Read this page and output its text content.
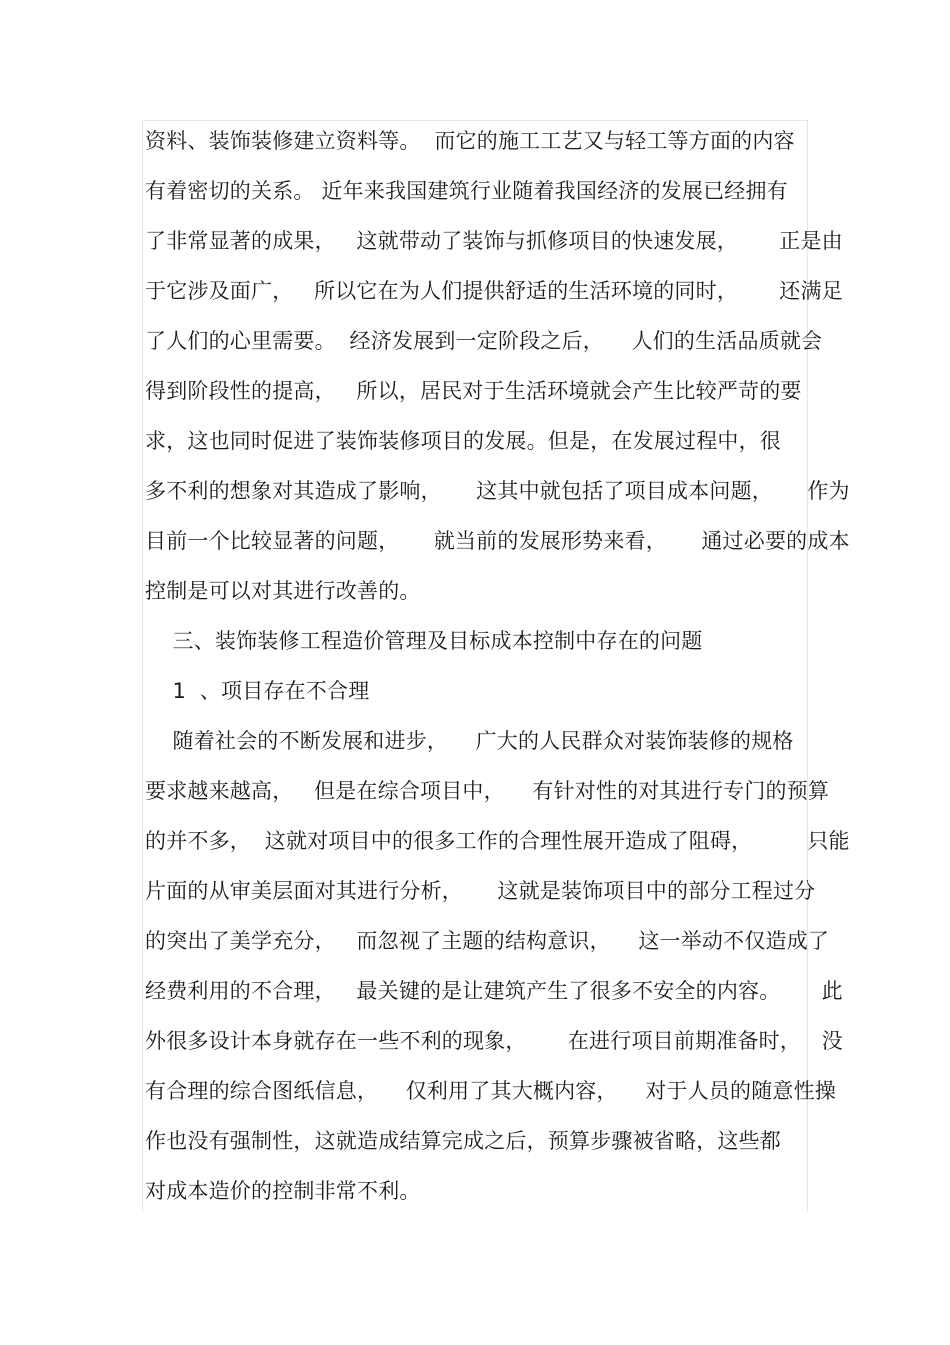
资料、装饰装修建立资料等。  而它的施工工艺又与轻工等方面的内容
有着密切的关系。 近年来我国建筑行业随着我国经济的发展已经拥有
了非常显著的成果，   这就带动了装饰与抓修项目的快速发展，      正是由
于它涉及面广，   所以它在为人们提供舒适的生活环境的同时，      还满足
了人们的心里需要。  经济发展到一定阶段之后，    人们的生活品质就会
得到阶段性的提高，   所以，居民对于生活环境就会产生比较严苛的要
求，这也同时促进了装饰装修项目的发展。但是，在发展过程中，很
多不利的想象对其造成了影响，     这其中就包括了项目成本问题，     作为
目前一个比较显著的问题，     就当前的发展形势来看，     通过必要的成本
控制是可以对其进行改善的。
三、装饰装修工程造价管理及目标成本控制中存在的问题
1  、项目存在不合理
随着社会的不断发展和进步，    广大的人民群众对装饰装修的规格
要求越来越高，   但是在综合项目中，    有针对性的对其进行专门的预算
的并不多，  这就对项目中的很多工作的合理性展开造成了阻碍，        只能
片面的从审美层面对其进行分析，     这就是装饰项目中的部分工程过分
的突出了美学充分，   而忽视了主题的结构意识，    这一举动不仅造成了
经费利用的不合理，   最关键的是让建筑产生了很多不安全的内容。      此
外很多设计本身就存在一些不利的现象，      在进行项目前期准备时，   没
有合理的综合图纸信息，    仅利用了其大概内容，    对于人员的随意性操
作也没有强制性，这就造成结算完成之后，预算步骤被省略，这些都
对成本造价的控制非常不利。
